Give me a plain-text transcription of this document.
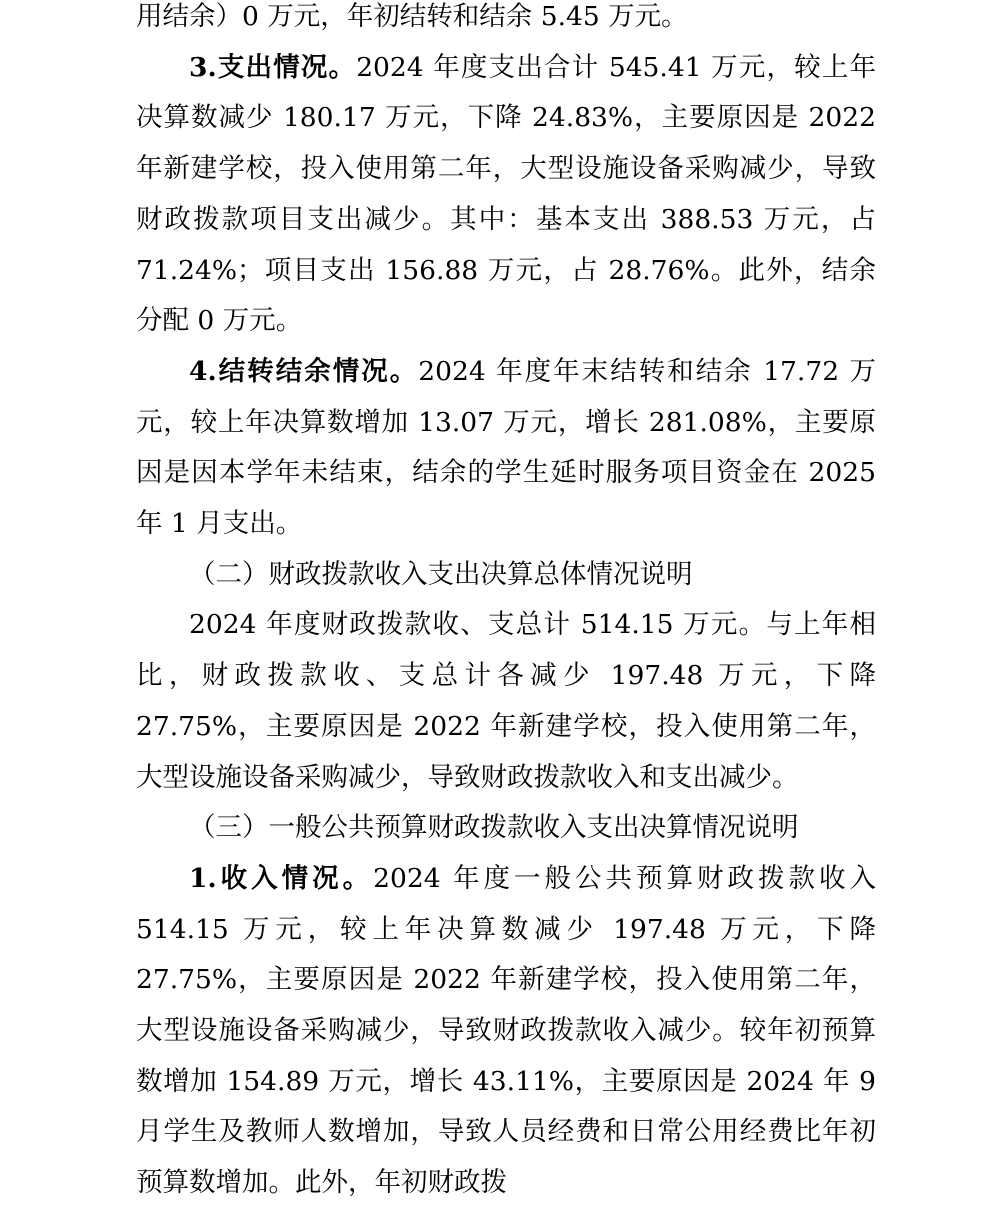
用结余）0 万元，年初结转和结余 5.45 万元。

3.支出情况。2024 年度支出合计 545.41 万元，较上年决算数减少 180.17 万元，下降 24.83%，主要原因是 2022 年新建学校，投入使用第二年，大型设施设备采购减少，导致财政拨款项目支出减少。其中：基本支出 388.53 万元，占 71.24%；项目支出 156.88 万元，占 28.76%。此外，结余分配 0 万元。

4.结转结余情况。2024 年度年末结转和结余 17.72 万元，较上年决算数增加 13.07 万元，增长 281.08%，主要原因是因本学年未结束，结余的学生延时服务项目资金在 2025 年 1 月支出。

（二）财政拨款收入支出决算总体情况说明

2024 年度财政拨款收、支总计 514.15 万元。与上年相比，财政拨款收、支总计各减少 197.48 万元，下降 27.75%，主要原因是 2022 年新建学校，投入使用第二年，大型设施设备采购减少，导致财政拨款收入和支出减少。

（三）一般公共预算财政拨款收入支出决算情况说明

1.收入情况。2024 年度一般公共预算财政拨款收入 514.15 万元，较上年决算数减少 197.48 万元，下降 27.75%，主要原因是 2022 年新建学校，投入使用第二年，大型设施设备采购减少，导致财政拨款收入减少。较年初预算数增加 154.89 万元，增长 43.11%，主要原因是 2024 年 9 月学生及教师人数增加，导致人员经费和日常公用经费比年初预算数增加。此外，年初财政拨
